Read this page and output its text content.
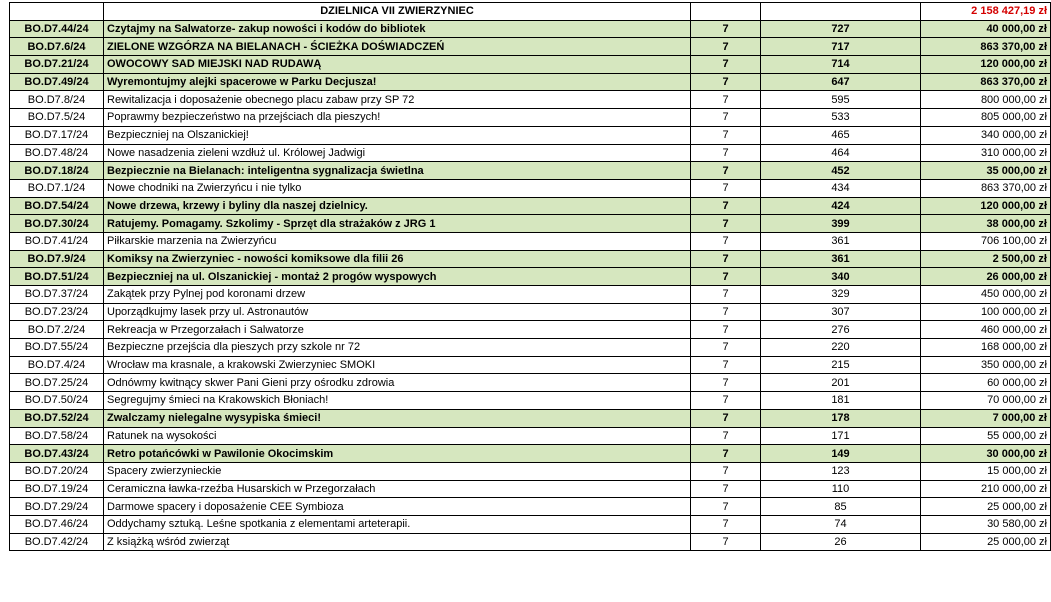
	DZIELNICA VII ZWIERZYNIEC			2 158 427,19 zł
BO.D7.44/24	Czytajmy na Salwatorze- zakup nowości i kodów do bibliotek	7	727	40 000,00 zł
BO.D7.6/24	ZIELONE WZGÓRZA NA BIELANACH - ŚCIEŻKA DOŚWIADCZEŃ	7	717	863 370,00 zł
BO.D7.21/24	OWOCOWY SAD MIEJSKI NAD RUDAWĄ	7	714	120 000,00 zł
BO.D7.49/24	Wyremontujmy alejki spacerowe w Parku Decjusza!	7	647	863 370,00 zł
BO.D7.8/24	Rewitalizacja i doposażenie obecnego placu zabaw przy SP 72	7	595	800 000,00 zł
BO.D7.5/24	Poprawmy bezpieczeństwo na przejściach dla pieszych!	7	533	805 000,00 zł
BO.D7.17/24	Bezpieczniej na Olszanickiej!	7	465	340 000,00 zł
BO.D7.48/24	Nowe nasadzenia zieleni wzdłuż ul. Królowej Jadwigi	7	464	310 000,00 zł
BO.D7.18/24	Bezpiecznie na Bielanach: inteligentna sygnalizacja świetlna	7	452	35 000,00 zł
BO.D7.1/24	Nowe chodniki na Zwierzyńcu i nie tylko	7	434	863 370,00 zł
BO.D7.54/24	Nowe drzewa, krzewy i byliny dla naszej dzielnicy.	7	424	120 000,00 zł
BO.D7.30/24	Ratujemy. Pomagamy. Szkolimy - Sprzęt dla strażaków z JRG 1	7	399	38 000,00 zł
BO.D7.41/24	Piłkarskie marzenia na Zwierzyńcu	7	361	706 100,00 zł
BO.D7.9/24	Komiksy na Zwierzyniec - nowości komiksowe dla filii 26	7	361	2 500,00 zł
BO.D7.51/24	Bezpieczniej na ul. Olszanickiej - montaż 2 progów wyspowych	7	340	26 000,00 zł
BO.D7.37/24	Zakątek przy Pylnej pod koronami drzew	7	329	450 000,00 zł
BO.D7.23/24	Uporządkujmy lasek przy ul. Astronautów	7	307	100 000,00 zł
BO.D7.2/24	Rekreacja w Przegorzałach i Salwatorze	7	276	460 000,00 zł
BO.D7.55/24	Bezpieczne przejścia dla pieszych przy szkole nr 72	7	220	168 000,00 zł
BO.D7.4/24	Wrocław ma krasnale, a krakowski Zwierzyniec SMOKI	7	215	350 000,00 zł
BO.D7.25/24	Odnówmy kwitnący skwer Pani Gieni przy ośrodku zdrowia	7	201	60 000,00 zł
BO.D7.50/24	Segregujmy śmieci na Krakowskich Błoniach!	7	181	70 000,00 zł
BO.D7.52/24	Zwalczamy nielegalne wysypiska śmieci!	7	178	7 000,00 zł
BO.D7.58/24	Ratunek na wysokości	7	171	55 000,00 zł
BO.D7.43/24	Retro potańcówki w Pawilonie Okocimskim	7	149	30 000,00 zł
BO.D7.20/24	Spacery zwierzynieckie	7	123	15 000,00 zł
BO.D7.19/24	Ceramiczna ławka-rzeźba Husarskich w Przegorzałach	7	110	210 000,00 zł
BO.D7.29/24	Darmowe spacery i doposażenie CEE Symbioza	7	85	25 000,00 zł
BO.D7.46/24	Oddychamy sztuką. Leśne spotkania z elementami arteterapii.	7	74	30 580,00 zł
BO.D7.42/24	Z książką wśród zwierząt	7	26	25 000,00 zł
